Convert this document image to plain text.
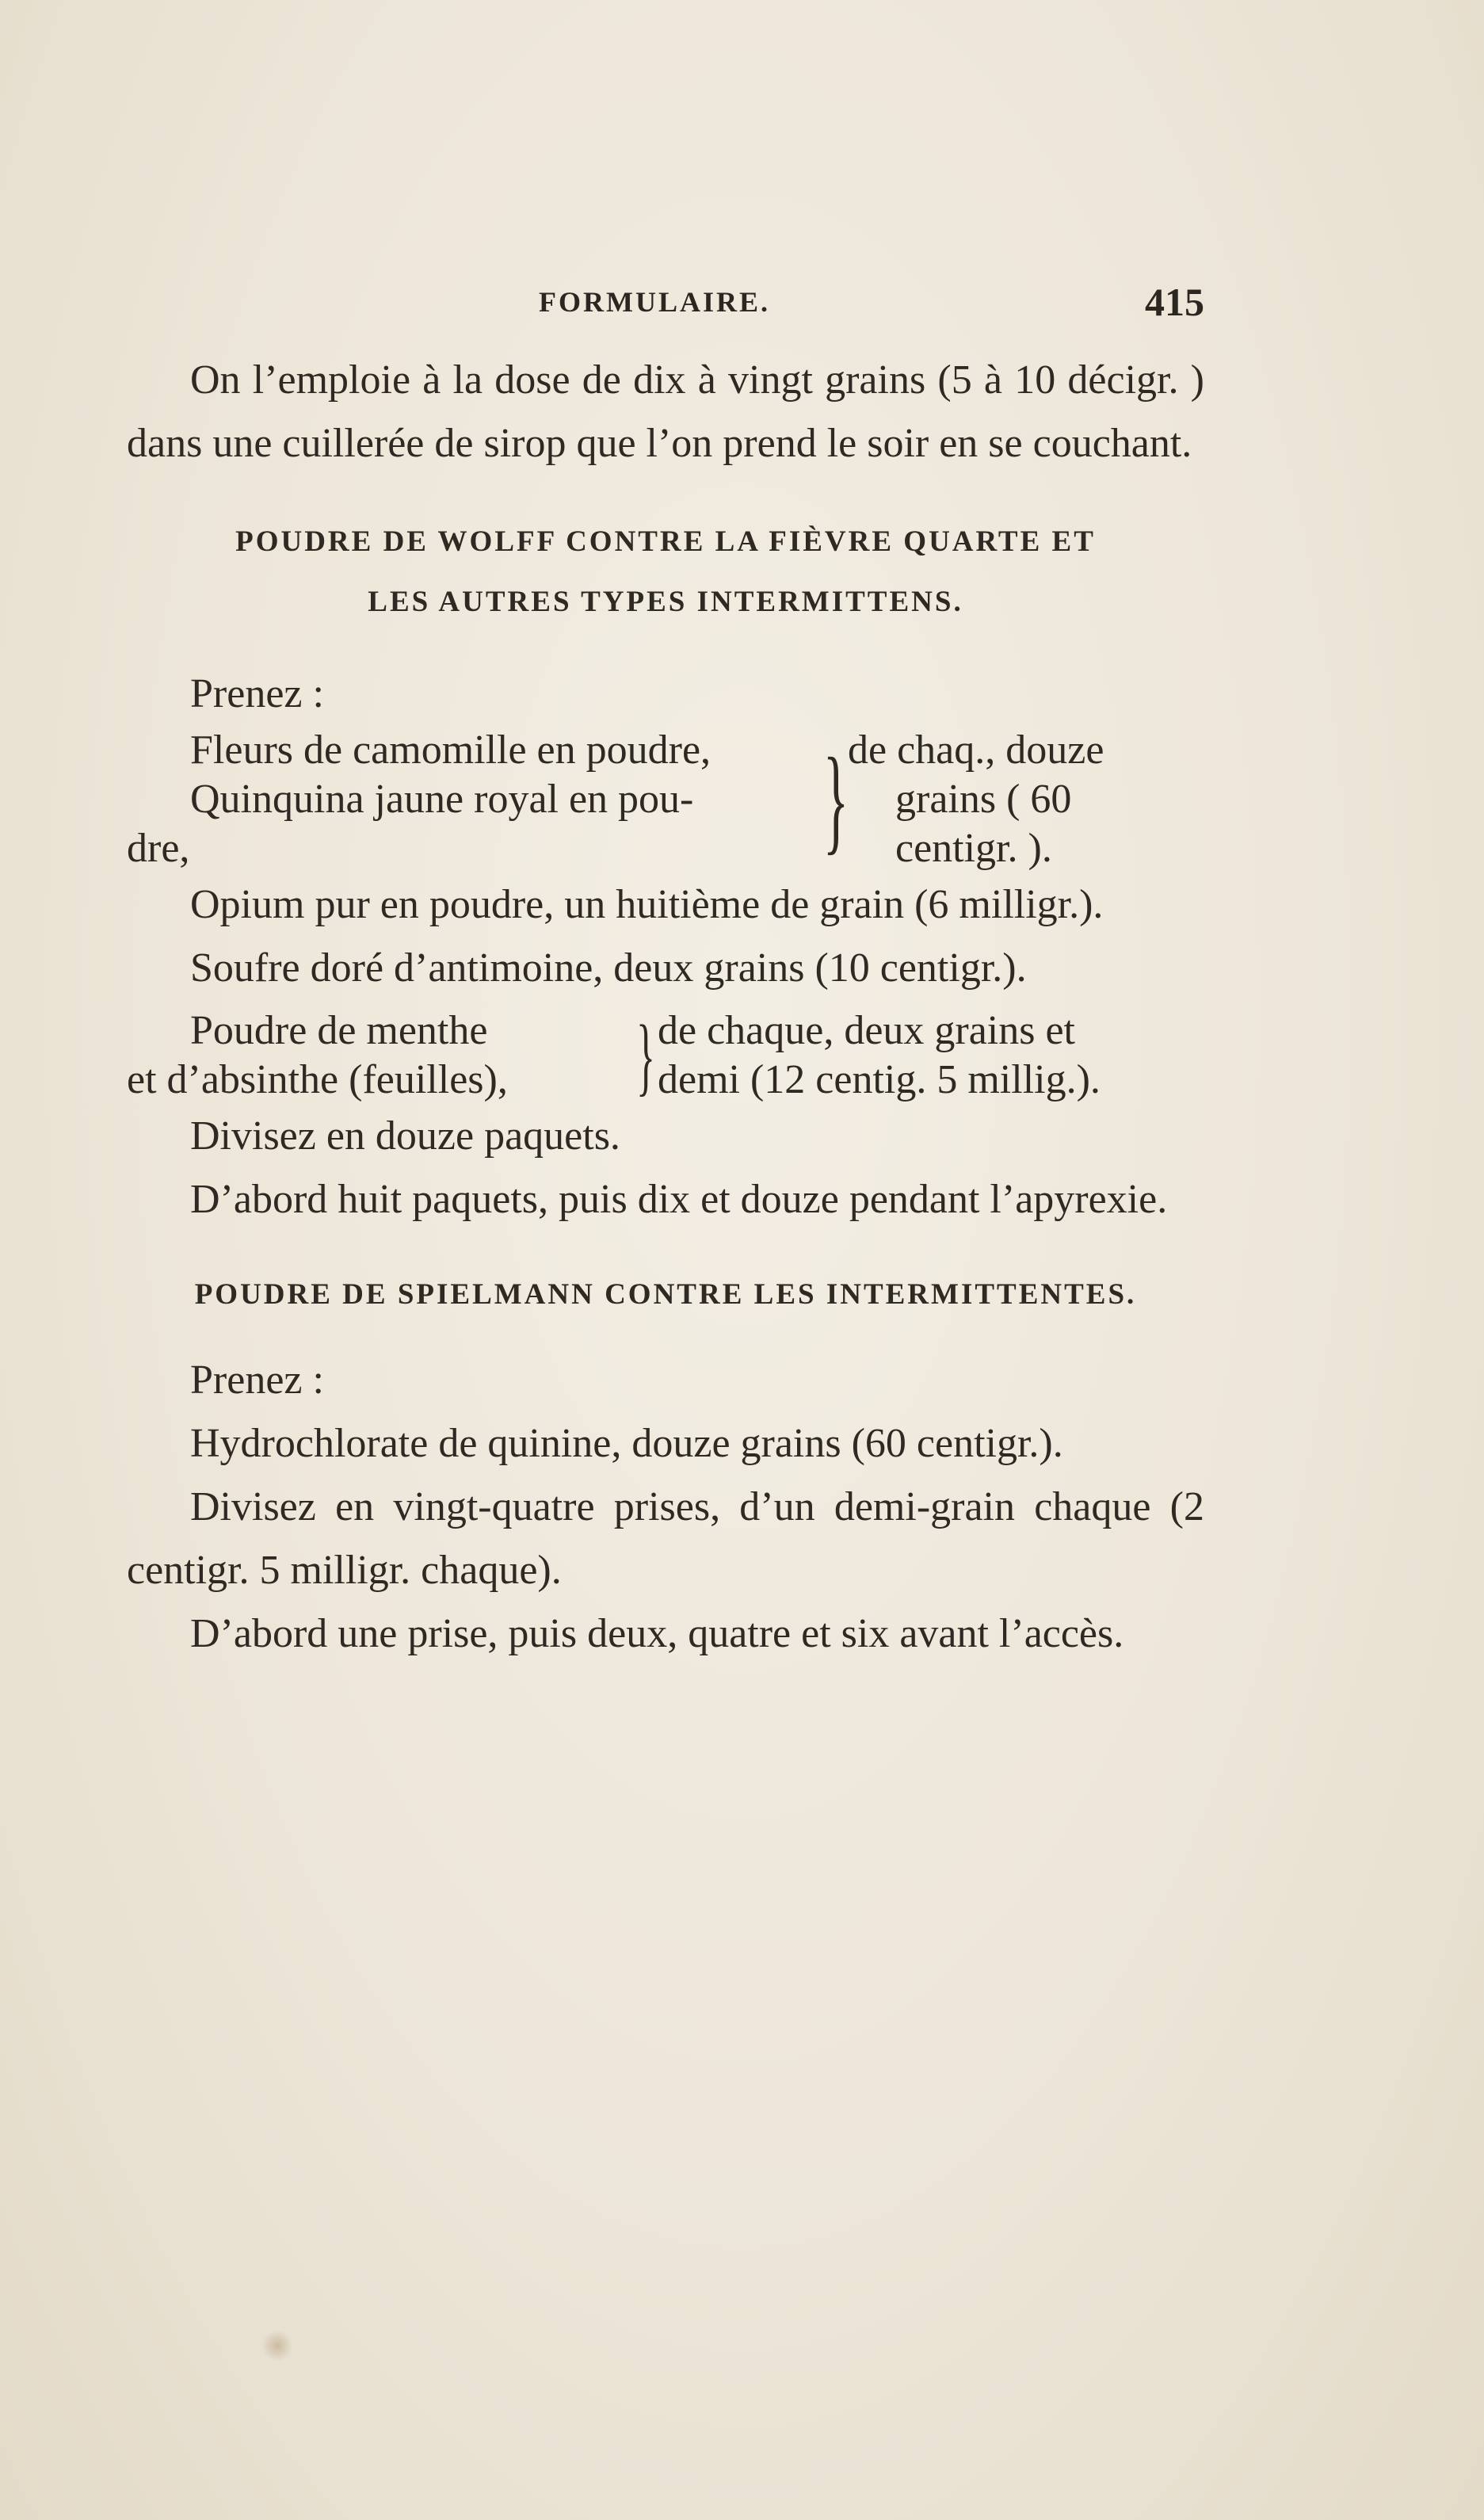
FORMULAIRE.	415

On l’emploie à la dose de dix à vingt grains (5 à 10 décigr. ) dans une cuillerée de sirop que l’on prend le soir en se couchant.

POUDRE DE WOLFF CONTRE LA FIÈVRE QUARTE ET

LES AUTRES TYPES INTERMITTENS.

Prenez :

Fleurs de camomille en poudre,
Quinquina jaune royal en pou-
dre,	}
de chaq., douze
grains ( 60
centigr. ).

Opium pur en poudre, un huitième de grain (6 milligr.).

Soufre doré d’antimoine, deux grains (10 centigr.).

Poudre de menthe
et d’absinthe (feuilles),	} de chaque, deux grains et
demi (12 centig. 5 millig.).

Divisez en douze paquets.

D’abord huit paquets, puis dix et douze pendant l’apyrexie.

POUDRE DE SPIELMANN CONTRE LES INTERMITTENTES.

Prenez :

Hydrochlorate de quinine, douze grains (60 centigr.).

Divisez en vingt-quatre prises, d’un demi-grain chaque (2 centigr. 5 milligr. chaque).

D’abord une prise, puis deux, quatre et six avant l’accès.
